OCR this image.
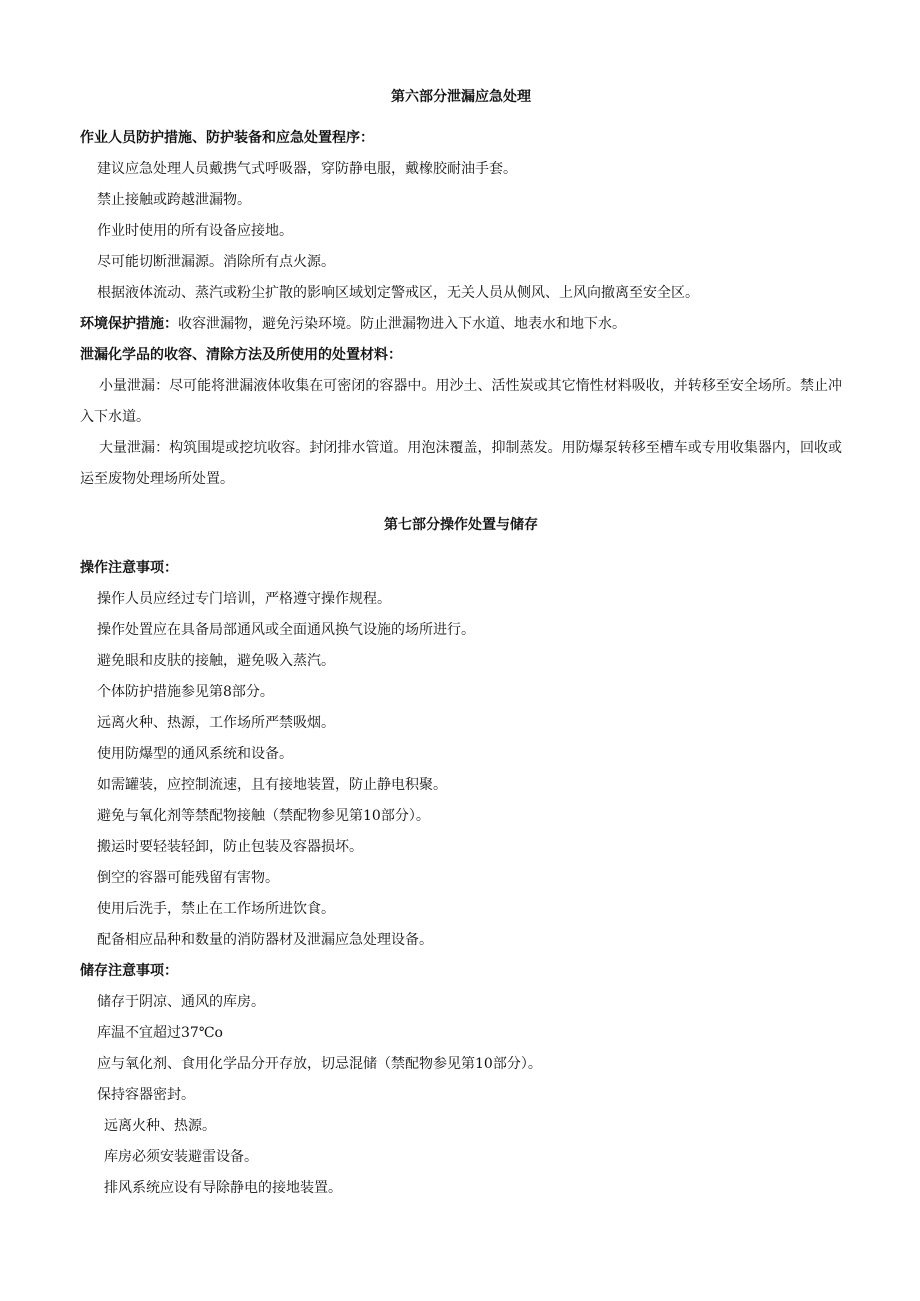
第六部分泄漏应急处理

作业人员防护措施、防护装备和应急处置程序：

建议应急处理人员戴携气式呼吸器，穿防静电服，戴橡胶耐油手套。

禁止接触或跨越泄漏物。

作业时使用的所有设备应接地。

尽可能切断泄漏源。消除所有点火源。

根据液体流动、蒸汽或粉尘扩散的影响区域划定警戒区，无关人员从侧风、上风向撤离至安全区。

环境保护措施：收容泄漏物，避免污染环境。防止泄漏物进入下水道、地表水和地下水。

泄漏化学品的收容、清除方法及所使用的处置材料：

小量泄漏：尽可能将泄漏液体收集在可密闭的容器中。用沙土、活性炭或其它惰性材料吸收，并转移至安全场所。禁止冲入下水道。

大量泄漏：构筑围堤或挖坑收容。封闭排水管道。用泡沫覆盖，抑制蒸发。用防爆泵转移至槽车或专用收集器内，回收或运至废物处理场所处置。

第七部分操作处置与储存

操作注意事项：

操作人员应经过专门培训，严格遵守操作规程。

操作处置应在具备局部通风或全面通风换气设施的场所进行。

避免眼和皮肤的接触，避免吸入蒸汽。

个体防护措施参见第8部分。

远离火种、热源，工作场所严禁吸烟。

使用防爆型的通风系统和设备。

如需罐装，应控制流速，且有接地装置，防止静电积聚。

避免与氧化剂等禁配物接触（禁配物参见第10部分）。

搬运时要轻装轻卸，防止包装及容器损坏。

倒空的容器可能残留有害物。

使用后洗手，禁止在工作场所进饮食。

配备相应品种和数量的消防器材及泄漏应急处理设备。

储存注意事项：

储存于阴凉、通风的库房。

库温不宜超过37℃o

应与氧化剂、食用化学品分开存放，切忌混储（禁配物参见第10部分）。

保持容器密封。

远离火种、热源。

库房必须安装避雷设备。

排风系统应设有导除静电的接地装置。
